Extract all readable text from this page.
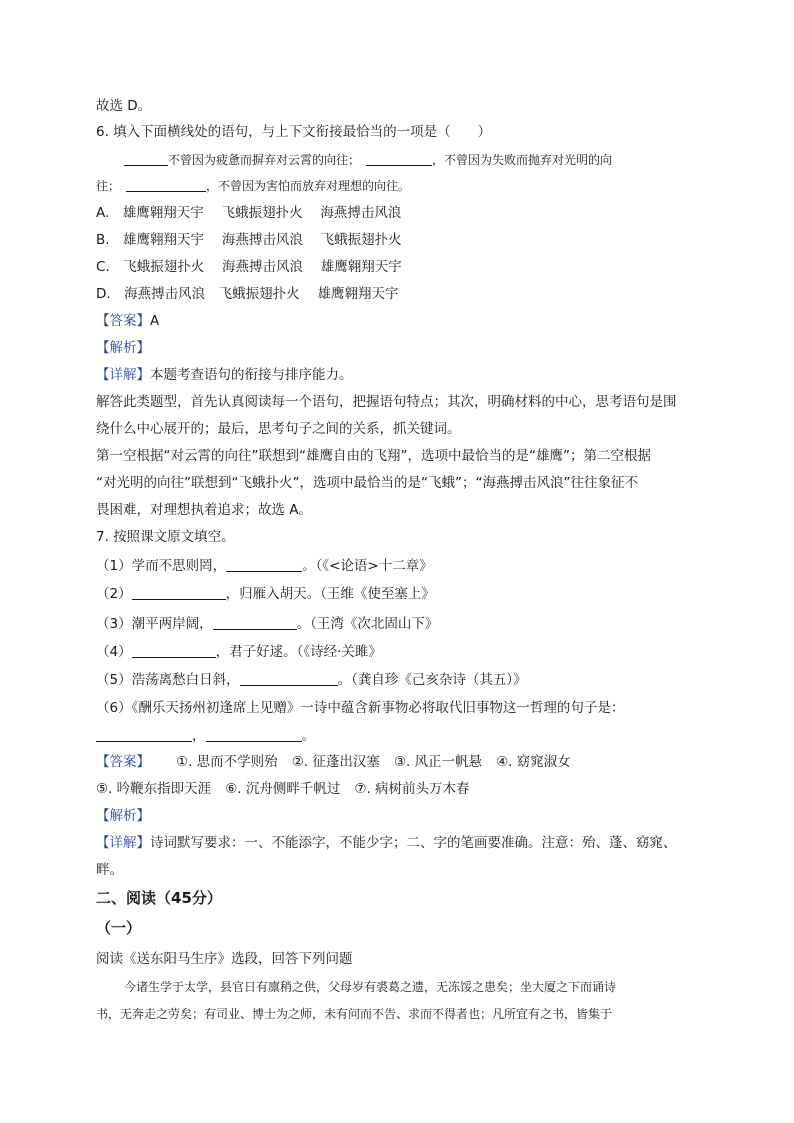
故选 D。
6. 填入下面横线处的语句，与上下文衔接最恰当的一项是（　　）
不曾因为疲惫而摒弃对云霄的向往；	，不曾因为失败而抛弃对光明的向
往；	，不曾因为害怕而放弃对理想的向往。
A.　雄鹰翱翔天宇　 飞蛾振翅扑火　 海燕搏击风浪
B.　雄鹰翱翔天宇　 海燕搏击风浪　 飞蛾振翅扑火
C.　飞蛾振翅扑火　 海燕搏击风浪　 雄鹰翱翔天宇
D.　海燕搏击风浪　飞蛾振翅扑火　 雄鹰翱翔天宇
【答案】A
【解析】
【详解】本题考查语句的衔接与排序能力。
解答此类题型，首先认真阅读每一个语句，把握语句特点；其次，明确材料的中心，思考语句是围
绕什么中心展开的；最后，思考句子之间的关系，抓关键词。
第一空根据“对云霄的向往”联想到“雄鹰自由的飞翔”，选项中最恰当的是“雄鹰”；第二空根据
“对光明的向往”联想到“飞蛾扑火”，选项中最恰当的是“飞蛾”；“海燕搏击风浪”往往象征不
畏困难，对理想执着追求；故选 A。
7. 按照课文原文填空。
（1）学而不思则罔，	。（《<论语>十二章》
（2）	，归雁入胡天。（王维《使至塞上》
（3）潮平两岸阔，	。（王湾《次北固山下》
（4）	，君子好逑。（《诗经·关雎》
（5）浩荡离愁白日斜，	。（龚自珍《己亥杂诗（其五）》
（6）《酬乐天扬州初逢席上见赠》一诗中蕴含新事物必将取代旧事物这一哲理的句子是：
，	。
【答案】 ①. 思而不学则殆 ②. 征蓬出汉塞 ③. 风正一帆悬 ④. 窈窕淑女
⑤. 吟鞭东指即天涯 ⑥. 沉舟侧畔千帆过 ⑦. 病树前头万木春
【解析】
【详解】诗词默写要求：一、不能添字，不能少字；二、字的笔画要准确。注意：殆、蓬、窈窕、
畔。
二、阅读（45分）
（一）
阅读《送东阳马生序》选段，回答下列问题
今诸生学于太学，县官日有廪稍之供，父母岁有裘葛之遗，无冻馁之患矣；坐大厦之下而诵诗
书，无奔走之劳矣；有司业、博士为之师，未有问而不告、求而不得者也；凡所宜有之书，皆集于
